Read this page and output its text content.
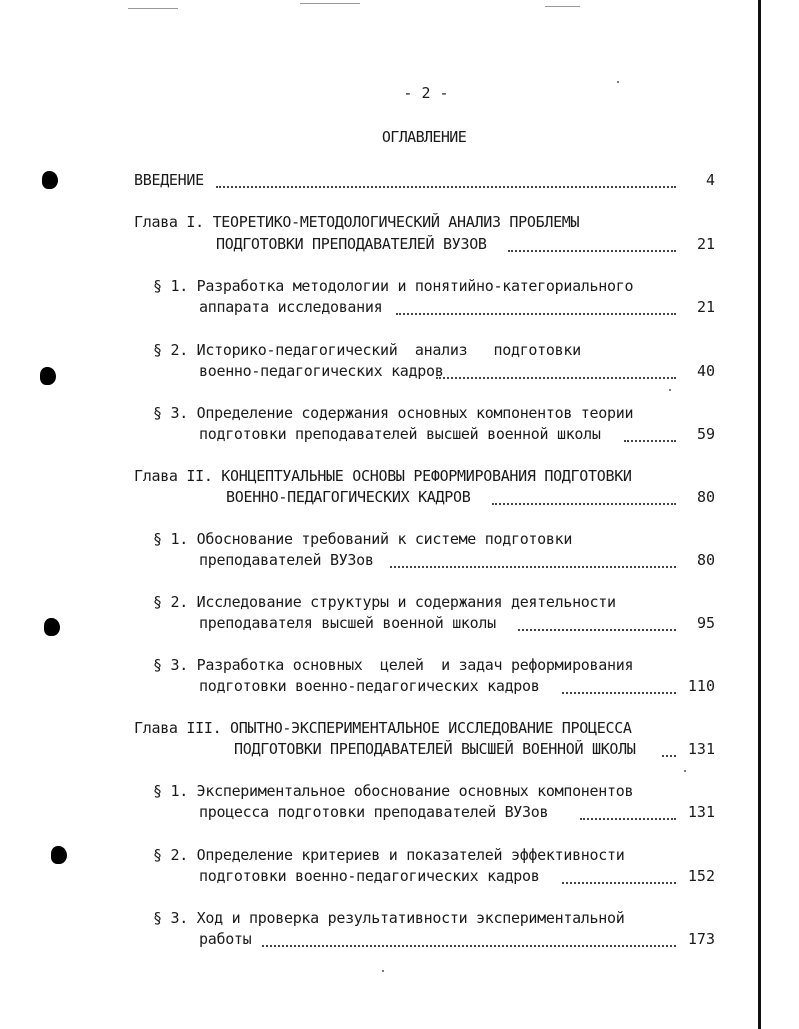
- 2 -
ОГЛАВЛЕНИЕ
ВВЕДЕНИЕ	4
Глава I. ТЕОРЕТИКО-МЕТОДОЛОГИЧЕСКИЙ АНАЛИЗ ПРОБЛЕМЫ
ПОДГОТОВКИ ПРЕПОДАВАТЕЛЕЙ ВУЗОВ	21
§ 1. Разработка методологии и понятийно-категориального
аппарата исследования	21
§ 2. Историко-педагогический  анализ   подготовки
военно-педагогических кадров	40
§ 3. Определение содержания основных компонентов теории
подготовки преподавателей высшей военной школы	59
Глава II. КОНЦЕПТУАЛЬНЫЕ ОСНОВЫ РЕФОРМИРОВАНИЯ ПОДГОТОВКИ
ВОЕННО-ПЕДАГОГИЧЕСКИХ КАДРОВ	80
§ 1. Обоснование требований к системе подготовки
преподавателей ВУЗов	80
§ 2. Исследование структуры и содержания деятельности
преподавателя высшей военной школы	95
§ 3. Разработка основных  целей  и задач реформирования
подготовки военно-педагогических кадров	110
Глава III. ОПЫТНО-ЭКСПЕРИМЕНТАЛЬНОЕ ИССЛЕДОВАНИЕ ПРОЦЕССА
ПОДГОТОВКИ ПРЕПОДАВАТЕЛЕЙ ВЫСШЕЙ ВОЕННОЙ ШКОЛЫ	131
§ 1. Экспериментальное обоснование основных компонентов
процесса подготовки преподавателей ВУЗов	131
§ 2. Определение критериев и показателей эффективности
подготовки военно-педагогических кадров	152
§ 3. Ход и проверка результативности экспериментальной
работы	173
